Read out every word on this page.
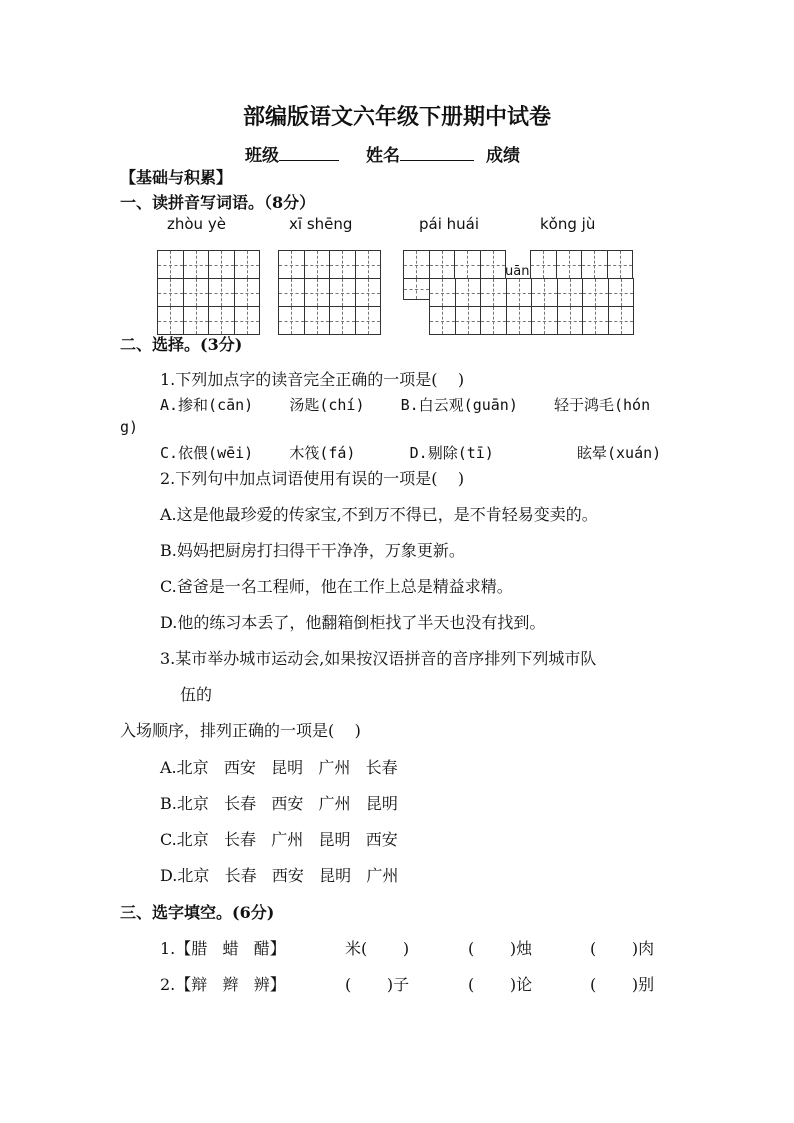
部编版语文六年级下册期中试卷
班级	姓名	成绩
【基础与积累】
一、读拼音写词语。（8分）
zhòu yè	xī shēng	pái huái	kǒng jù
uān
二、选择。(3分)
1.下列加点字的读音完全正确的一项是(    )
A.掺和(cān)    汤匙(chí)    B.白云观(guān)    轻于鸿毛(hón
g)
C.依偎(wēi)    木筏(fá)      D.剔除(tī)	眩晕(xuán)
2.下列句中加点词语使用有误的一项是(    )
A.这是他最珍爱的传家宝,不到万不得已，是不肯轻易变卖的。
B.妈妈把厨房打扫得干干净净，万象更新。
C.爸爸是一名工程师，他在工作上总是精益求精。
D.他的练习本丢了，他翻箱倒柜找了半天也没有找到。
3.某市举办城市运动会,如果按汉语拼音的音序排列下列城市队
伍的
入场顺序，排列正确的一项是(    )
A.北京   西安   昆明   广州   长春
B.北京   长春   西安   广州   昆明
C.北京   长春   广州   昆明   西安
D.北京   长春   西安   昆明   广州
三、选字填空。(6分)
1.【腊   蜡   醋】	米(       )	(       )烛	(       )肉
2.【辩   辫   辨】	(       )子	(       )论	(       )别
